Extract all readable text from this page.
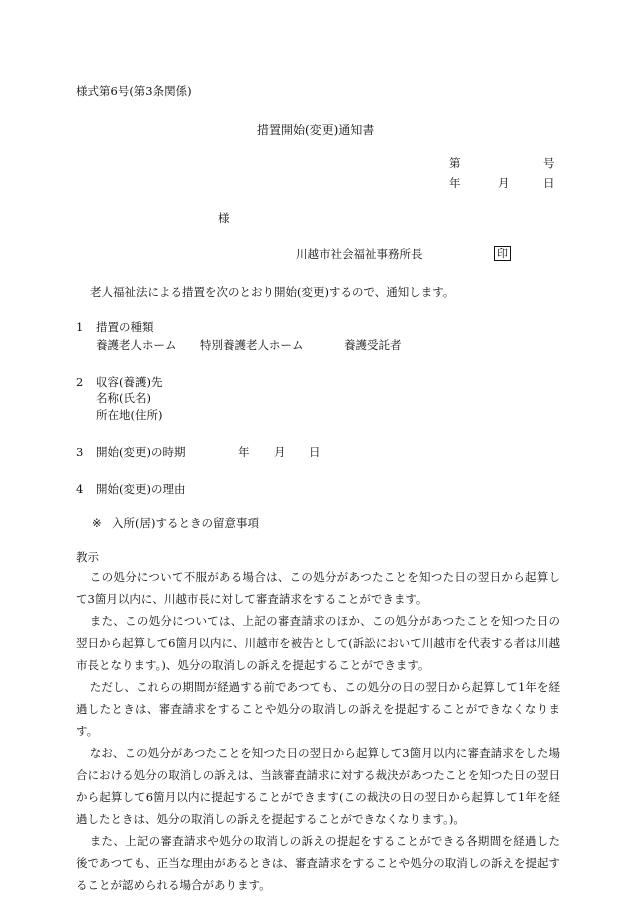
様式第6号(第3条関係)
措置開始(変更)通知書
第	号
年	月	日
様
川越市社会福祉事務所長	印
老人福祉法による措置を次のとおり開始(変更)するので、通知します。
1 措置の種類
養護老人ホーム 特別養護老人ホーム	養護受託者
2 収容(養護)先
名称(氏名)
所在地(住所)
3 開始(変更)の時期	年 月 日
4 開始(変更)の理由
※ 入所(居)するときの留意事項
教示

この処分について不服がある場合は、この処分があつたことを知つた日の翌日から起算して3箇月以内に、川越市長に対して審査請求をすることができます。

また、この処分については、上記の審査請求のほか、この処分があつたことを知つた日の翌日から起算して6箇月以内に、川越市を被告として(訴訟において川越市を代表する者は川越市長となります。)、処分の取消しの訴えを提起することができます。

ただし、これらの期間が経過する前であつても、この処分の日の翌日から起算して1年を経過したときは、審査請求をすることや処分の取消しの訴えを提起することができなくなります。

なお、この処分があつたことを知つた日の翌日から起算して3箇月以内に審査請求をした場合における処分の取消しの訴えは、当該審査請求に対する裁決があつたことを知つた日の翌日から起算して6箇月以内に提起することができます(この裁決の日の翌日から起算して1年を経過したときは、処分の取消しの訴えを提起することができなくなります。)。

また、上記の審査請求や処分の取消しの訴えの提起をすることができる各期間を経過した後であつても、正当な理由があるときは、審査請求をすることや処分の取消しの訴えを提起することが認められる場合があります。
